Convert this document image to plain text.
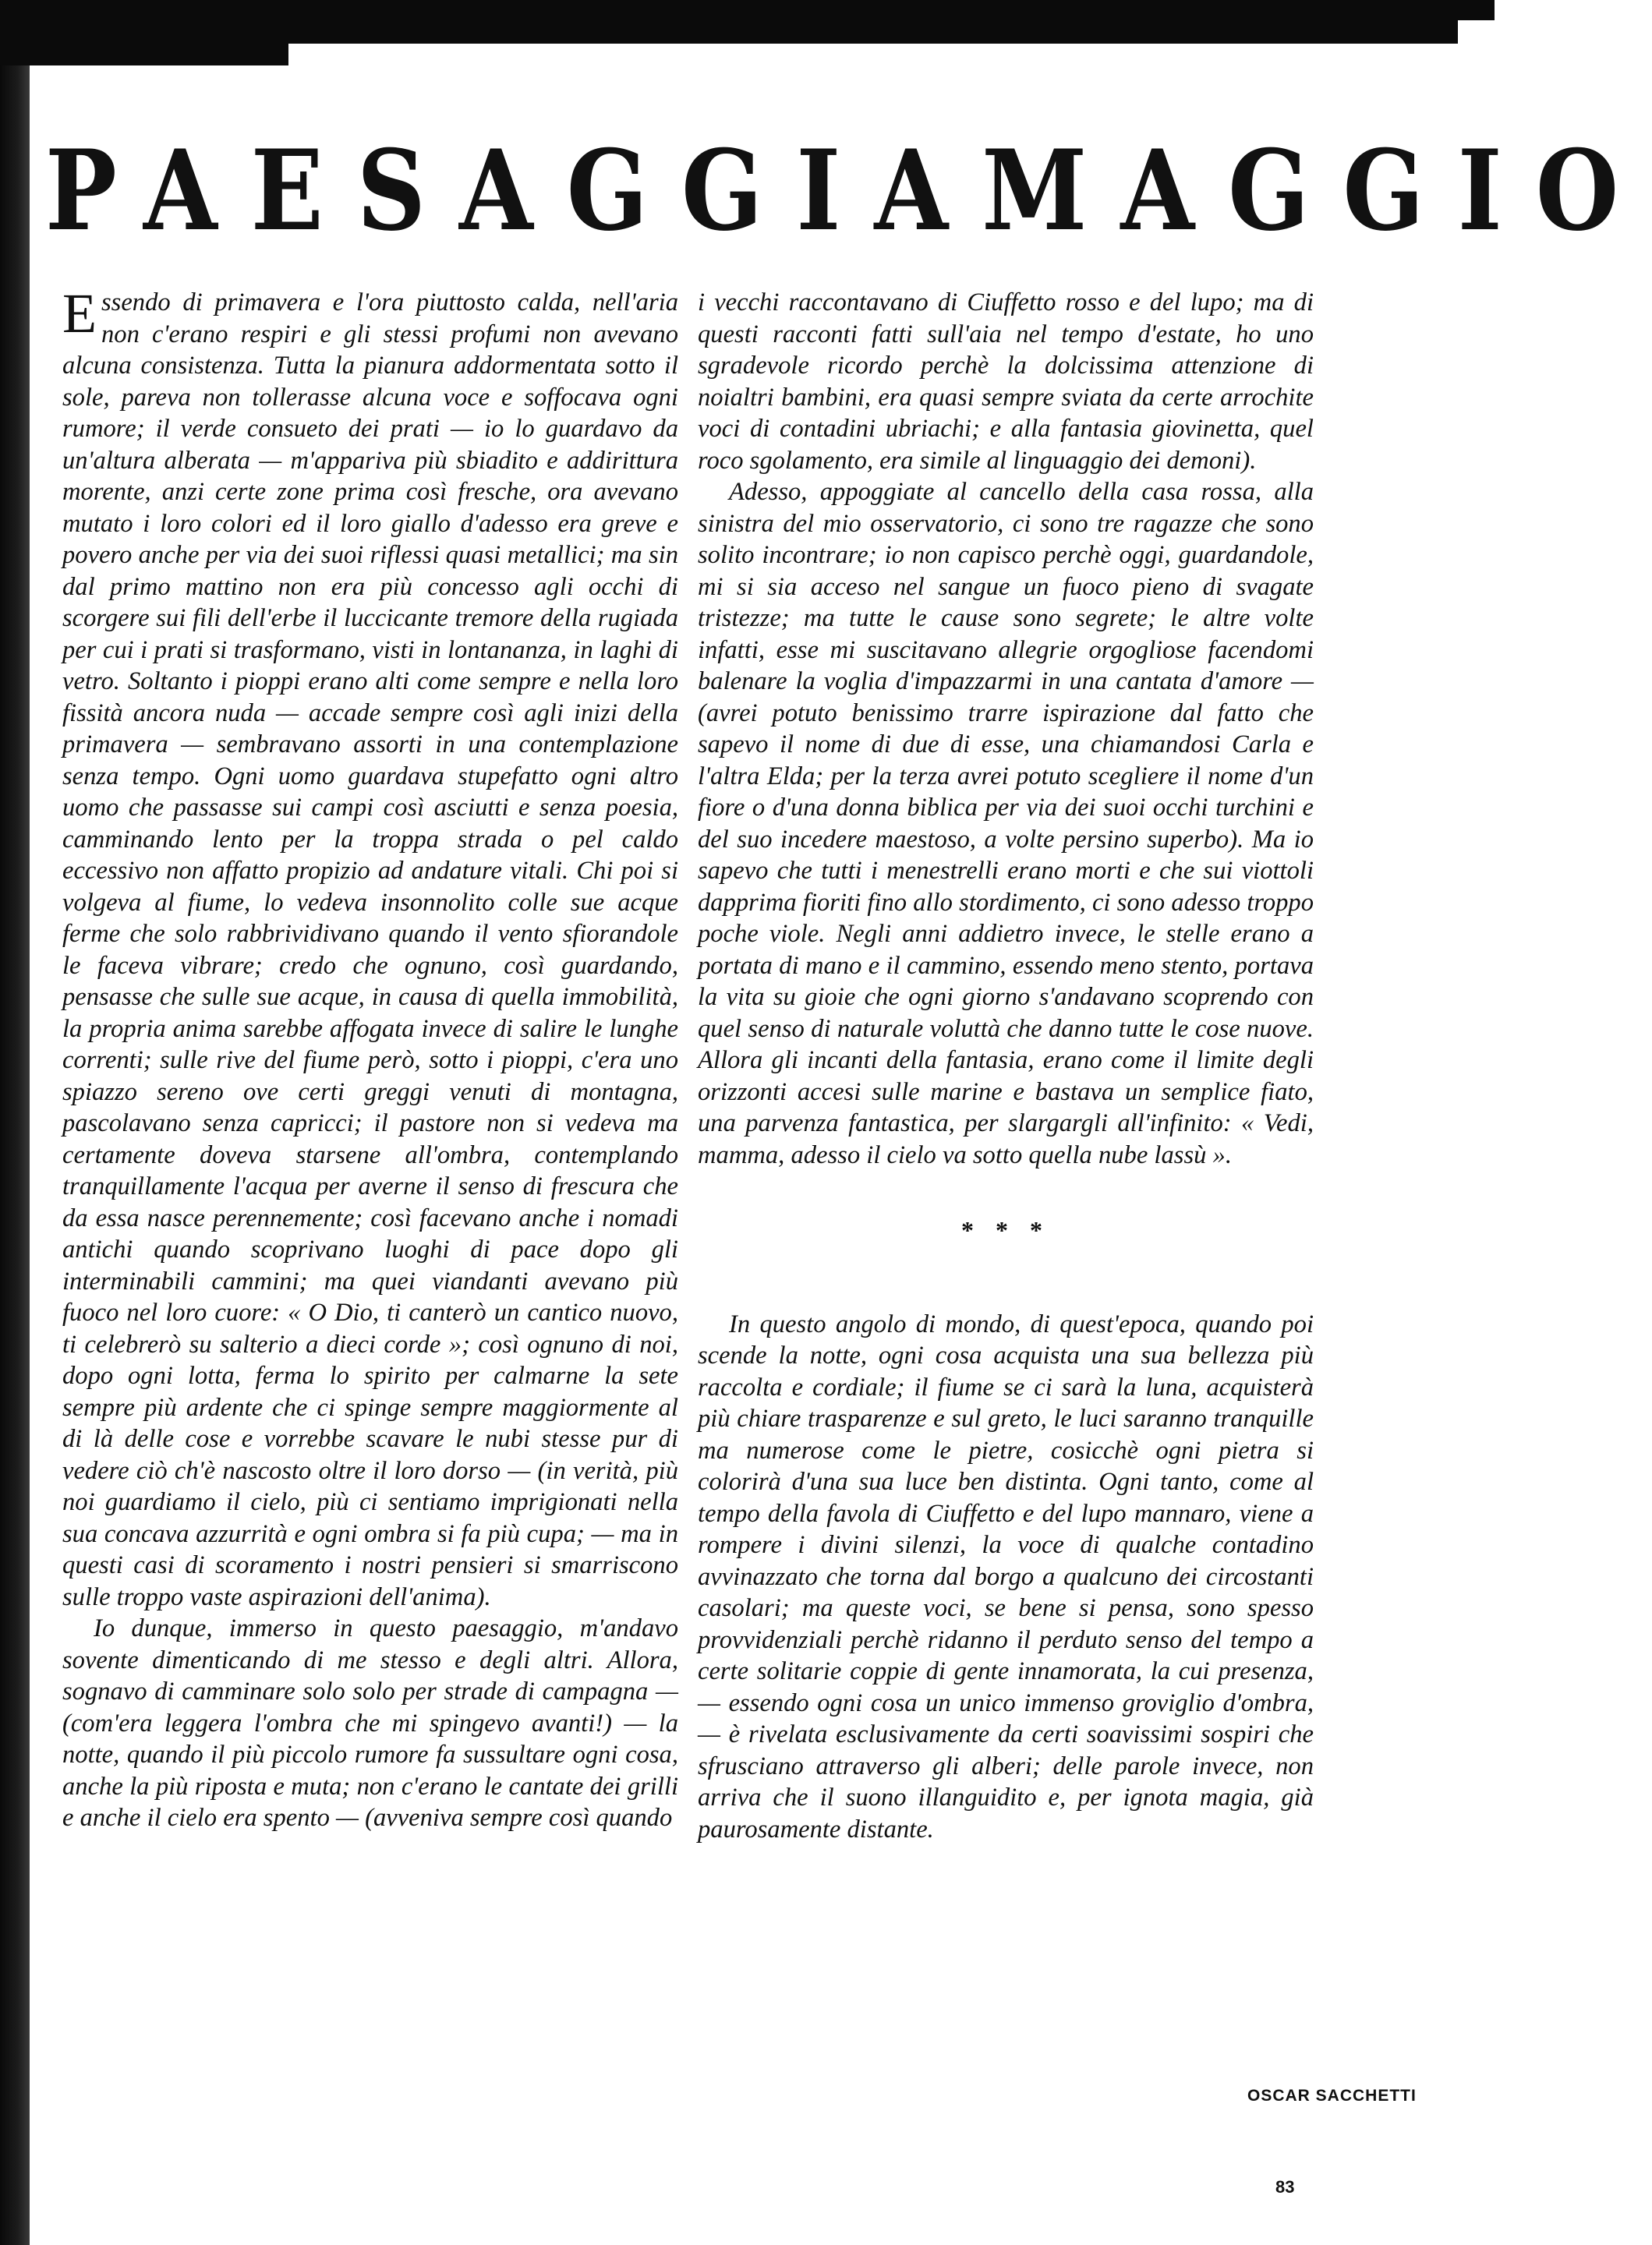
PAESAGGI A MAGGIO

Essendo di primavera e l'ora piuttosto calda, nell'aria non c'erano respiri e gli stessi profumi non avevano alcuna consistenza. Tutta la pianura addormentata sotto il sole, pareva non tollerasse alcuna voce e soffocava ogni rumore; il verde consueto dei prati — io lo guardavo da un'altura alberata — m'appariva più sbiadito e addirittura morente, anzi certe zone prima così fresche, ora avevano mutato i loro colori ed il loro giallo d'adesso era greve e povero anche per via dei suoi riflessi quasi metallici; ma sin dal primo mattino non era più concesso agli occhi di scorgere sui fili dell'erbe il luccicante tremore della rugiada per cui i prati si trasformano, visti in lontananza, in laghi di vetro. Soltanto i pioppi erano alti come sempre e nella loro fissità ancora nuda — accade sempre così agli inizi della primavera — sembravano assorti in una contemplazione senza tempo. Ogni uomo guardava stupefatto ogni altro uomo che passasse sui campi così asciutti e senza poesia, camminando lento per la troppa strada o pel caldo eccessivo non affatto propizio ad andature vitali. Chi poi si volgeva al fiume, lo vedeva insonnolito colle sue acque ferme che solo rabbrividivano quando il vento sfiorandole le faceva vibrare; credo che ognuno, così guardando, pensasse che sulle sue acque, in causa di quella immobilità, la propria anima sarebbe affogata invece di salire le lunghe correnti; sulle rive del fiume però, sotto i pioppi, c'era uno spiazzo sereno ove certi greggi venuti di montagna, pascolavano senza capricci; il pastore non si vedeva ma certamente doveva starsene all'ombra, contemplando tranquillamente l'acqua per averne il senso di frescura che da essa nasce perennemente; così facevano anche i nomadi antichi quando scoprivano luoghi di pace dopo gli interminabili cammini; ma quei viandanti avevano più fuoco nel loro cuore: « O Dio, ti canterò un cantico nuovo, ti celebrerò su salterio a dieci corde »; così ognuno di noi, dopo ogni lotta, ferma lo spirito per calmarne la sete sempre più ardente che ci spinge sempre maggiormente al di là delle cose e vorrebbe scavare le nubi stesse pur di vedere ciò ch'è nascosto oltre il loro dorso — (in verità, più noi guardiamo il cielo, più ci sentiamo imprigionati nella sua concava azzurrità e ogni ombra si fa più cupa; — ma in questi casi di scoramento i nostri pensieri si smarriscono sulle troppo vaste aspirazioni dell'anima).

Io dunque, immerso in questo paesaggio, m'andavo sovente dimenticando di me stesso e degli altri. Allora, sognavo di camminare solo solo per strade di campagna — (com'era leggera l'ombra che mi spingevo avanti!) — la notte, quando il più piccolo rumore fa sussultare ogni cosa, anche la più riposta e muta; non c'erano le cantate dei grilli e anche il cielo era spento — (avveniva sempre così quando

i vecchi raccontavano di Ciuffetto rosso e del lupo; ma di questi racconti fatti sull'aia nel tempo d'estate, ho uno sgradevole ricordo perchè la dolcissima attenzione di noialtri bambini, era quasi sempre sviata da certe arrochite voci di contadini ubriachi; e alla fantasia giovinetta, quel roco sgolamento, era simile al linguaggio dei demoni).

Adesso, appoggiate al cancello della casa rossa, alla sinistra del mio osservatorio, ci sono tre ragazze che sono solito incontrare; io non capisco perchè oggi, guardandole, mi si sia acceso nel sangue un fuoco pieno di svagate tristezze; ma tutte le cause sono segrete; le altre volte infatti, esse mi suscitavano allegrie orgogliose facendomi balenare la voglia d'impazzarmi in una cantata d'amore — (avrei potuto benissimo trarre ispirazione dal fatto che sapevo il nome di due di esse, una chiamandosi Carla e l'altra Elda; per la terza avrei potuto scegliere il nome d'un fiore o d'una donna biblica per via dei suoi occhi turchini e del suo incedere maestoso, a volte persino superbo). Ma io sapevo che tutti i menestrelli erano morti e che sui viottoli dapprima fioriti fino allo stordimento, ci sono adesso troppo poche viole. Negli anni addietro invece, le stelle erano a portata di mano e il cammino, essendo meno stento, portava la vita su gioie che ogni giorno s'andavano scoprendo con quel senso di naturale voluttà che danno tutte le cose nuove. Allora gli incanti della fantasia, erano come il limite degli orizzonti accesi sulle marine e bastava un semplice fiato, una parvenza fantastica, per slargargli all'infinito: « Vedi, mamma, adesso il cielo va sotto quella nube lassù ».

* * *

In questo angolo di mondo, di quest'epoca, quando poi scende la notte, ogni cosa acquista una sua bellezza più raccolta e cordiale; il fiume se ci sarà la luna, acquisterà più chiare trasparenze e sul greto, le luci saranno tranquille ma numerose come le pietre, cosicchè ogni pietra si colorirà d'una sua luce ben distinta. Ogni tanto, come al tempo della favola di Ciuffetto e del lupo mannaro, viene a rompere i divini silenzi, la voce di qualche contadino avvinazzato che torna dal borgo a qualcuno dei circostanti casolari; ma queste voci, se bene si pensa, sono spesso provvidenziali perchè ridanno il perduto senso del tempo a certe solitarie coppie di gente innamorata, la cui presenza, — essendo ogni cosa un unico immenso groviglio d'ombra, — è rivelata esclusivamente da certi soavissimi sospiri che sfrusciano attraverso gli alberi; delle parole invece, non arriva che il suono illanguidito e, per ignota magia, già paurosamente distante.

OSCAR SACCHETTI
83
